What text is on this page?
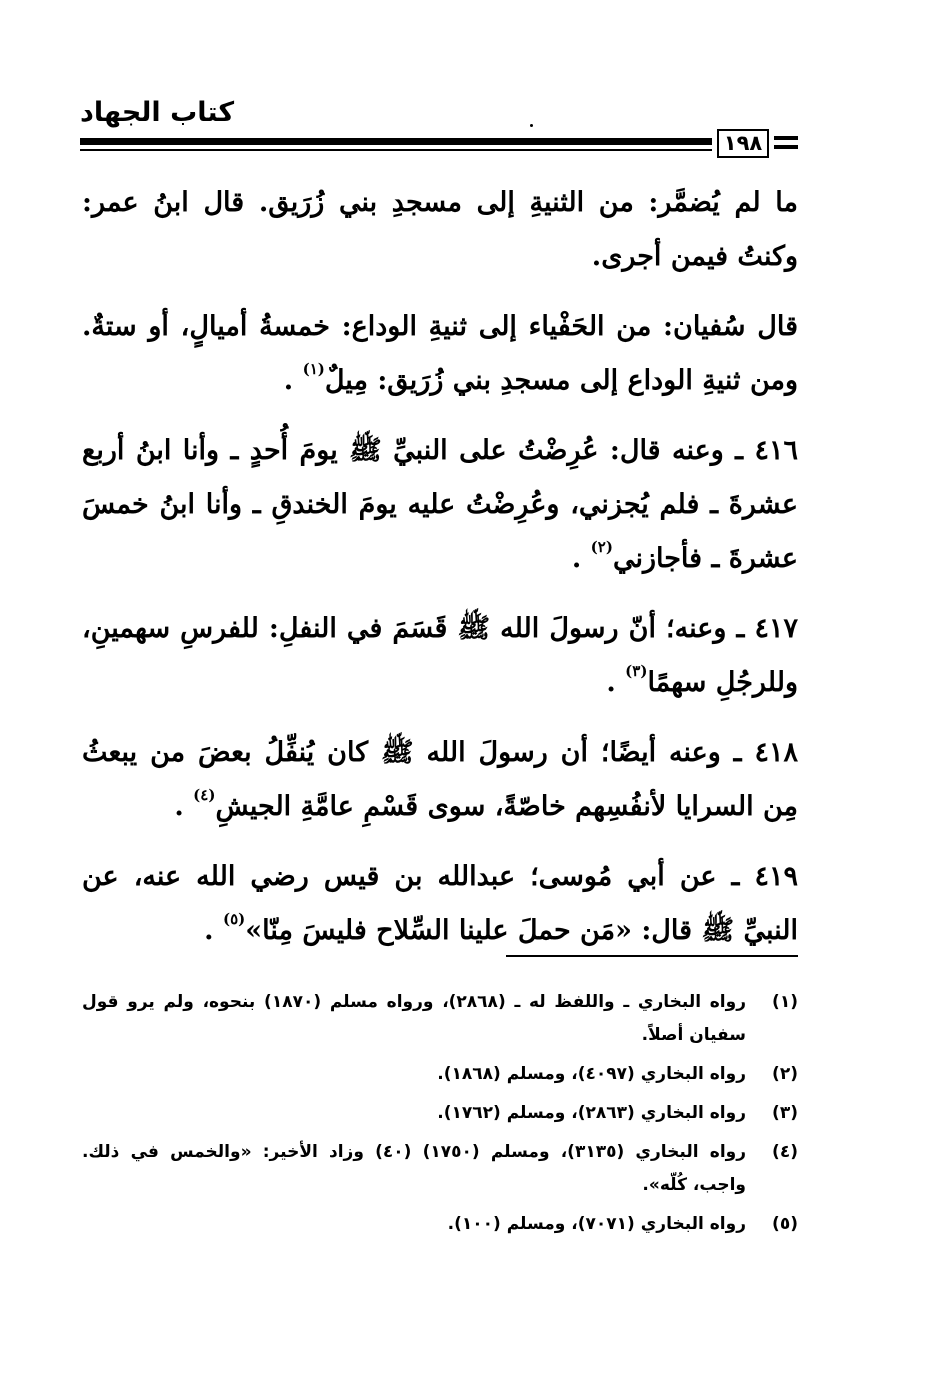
كتاب الجهاد
١٩٨

ما لم يُضمَّر: من الثنيةِ إلى مسجدِ بني زُرَيق. قال ابنُ عمر: وكنتُ فيمن أجرى.

قال سُفيان: من الحَفْياء إلى ثنيةِ الوداع: خمسةُ أميالٍ، أو ستةٌ. ومن ثنيةِ الوداع إلى مسجدِ بني زُرَيق: مِيلٌ$^{(١)}$ .

٤١٦ ـ وعنه قال: عُرِضْتُ على النبيِّ ﷺ يومَ أُحدٍ ـ وأنا ابنُ أربع عشرةَ ـ فلم يُجزني، وعُرِضْتُ عليه يومَ الخندقِ ـ وأنا ابنُ خمسَ عشرةَ ـ فأجازني$^{(٢)}$ .

٤١٧ ـ وعنه؛ أنّ رسولَ الله ﷺ قَسَمَ في النفلِ: للفرسِ سهمينِ، وللرجُلِ سهمًا$^{(٣)}$ .

٤١٨ ـ وعنه أيضًا؛ أن رسولَ الله ﷺ كان يُنفِّلُ بعضَ من يبعثُ مِن السرايا لأنفُسِهم خاصّةً، سوى قَسْمِ عامَّةِ الجيشِ$^{(٤)}$ .

٤١٩ ـ عن أبي مُوسى؛ عبدالله بن قيس رضي الله عنه، عن النبيِّ ﷺ قال: «مَن حملَ علينا السِّلاح فليسَ مِنّا»$^{(٥)}$ .

(١)
رواه البخاري ـ واللفظ له ـ (٢٨٦٨)، ورواه مسلم (١٨٧٠) بنحوه، ولم يرو قول سفيان أصلاً.

(٢)
رواه البخاري (٤٠٩٧)، ومسلم (١٨٦٨).

(٣)
رواه البخاري (٢٨٦٣)، ومسلم (١٧٦٢).

(٤)
رواه البخاري (٣١٣٥)، ومسلم (١٧٥٠) (٤٠) وزاد الأخير: «والخمس في ذلك. واجب، كُلّه».

(٥)
رواه البخاري (٧٠٧١)، ومسلم (١٠٠).
